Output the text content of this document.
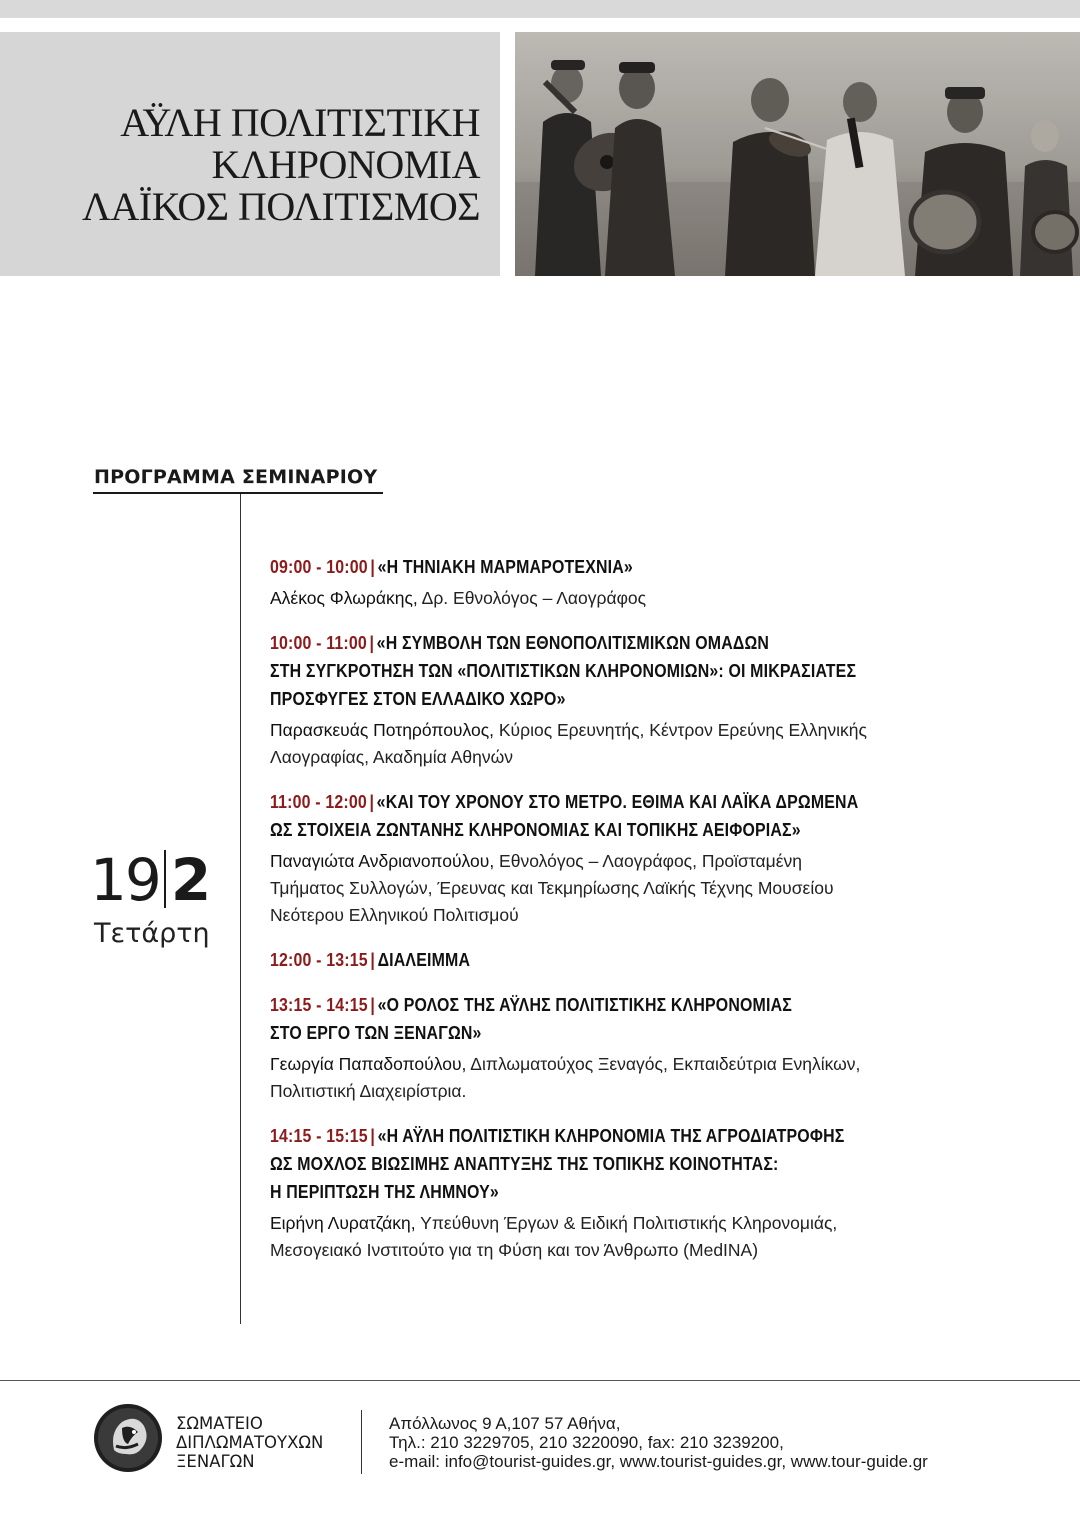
ΑΫΛΗ ΠΟΛΙΤΙΣΤΙΚΗ
ΚΛΗΡΟΝΟΜΙΑ
ΛΑΪΚΟΣ ΠΟΛΙΤΙΣΜΟΣ
ΠΡΟΓΡΑΜΜΑ ΣΕΜΙΝΑΡΙΟΥ
19 2
Τετάρτη
09:00 - 10:00 | «Η ΤΗΝΙΑΚΗ ΜΑΡΜΑΡΟΤΕΧΝΙΑ»
Αλέκος Φλωράκης, Δρ. Εθνολόγος – Λαογράφος
10:00 - 11:00 | «Η ΣΥΜΒΟΛΗ ΤΩΝ ΕΘΝΟΠΟΛΙΤΙΣΜΙΚΩΝ ΟΜΑΔΩΝ
ΣΤΗ ΣΥΓΚΡΟΤΗΣΗ ΤΩΝ «ΠΟΛΙΤΙΣΤΙΚΩΝ ΚΛΗΡΟΝΟΜΙΩΝ»: ΟΙ ΜΙΚΡΑΣΙΑΤΕΣ
ΠΡΟΣΦΥΓΕΣ ΣΤΟΝ ΕΛΛΑΔΙΚΟ ΧΩΡΟ»
Παρασκευάς Ποτηρόπουλος, Κύριος Ερευνητής, Κέντρον Ερεύνης Ελληνικής
Λαογραφίας, Ακαδημία Αθηνών
11:00 - 12:00 | «ΚΑΙ ΤΟΥ ΧΡΟΝΟΥ ΣΤΟ ΜΕΤΡΟ. ΕΘΙΜΑ ΚΑΙ ΛΑΪΚΑ ΔΡΩΜΕΝΑ
ΩΣ ΣΤΟΙΧΕΙΑ ΖΩΝΤΑΝΗΣ ΚΛΗΡΟΝΟΜΙΑΣ ΚΑΙ ΤΟΠΙΚΗΣ ΑΕΙΦΟΡΙΑΣ»
Παναγιώτα Ανδριανοπούλου, Εθνολόγος – Λαογράφος, Προϊσταμένη
Τμήματος Συλλογών, Έρευνας και Τεκμηρίωσης Λαϊκής Τέχνης Μουσείου
Νεότερου Ελληνικού Πολιτισμού
12:00 - 13:15 | ΔΙΑΛΕΙΜΜΑ
13:15 - 14:15 | «Ο ΡΟΛΟΣ ΤΗΣ ΑΫΛΗΣ ΠΟΛΙΤΙΣΤΙΚΗΣ ΚΛΗΡΟΝΟΜΙΑΣ
ΣΤΟ ΕΡΓΟ ΤΩΝ ΞΕΝΑΓΩΝ»
Γεωργία Παπαδοπούλου, Διπλωματούχος Ξεναγός, Εκπαιδεύτρια Ενηλίκων,
Πολιτιστική Διαχειρίστρια.
14:15 - 15:15 | «Η ΑΫΛΗ ΠΟΛΙΤΙΣΤΙΚΗ ΚΛΗΡΟΝΟΜΙΑ ΤΗΣ ΑΓΡΟΔΙΑΤΡΟΦΗΣ
ΩΣ ΜΟΧΛΟΣ ΒΙΩΣΙΜΗΣ ΑΝΑΠΤΥΞΗΣ ΤΗΣ ΤΟΠΙΚΗΣ ΚΟΙΝΟΤΗΤΑΣ:
Η ΠΕΡΙΠΤΩΣΗ ΤΗΣ ΛΗΜΝΟΥ»
Ειρήνη Λυρατζάκη, Υπεύθυνη Έργων & Ειδική Πολιτιστικής Κληρονομιάς,
Μεσογειακό Ινστιτούτο για τη Φύση και τον Άνθρωπο (MedINA)
ΣΩΜΑΤΕΙΟ
ΔΙΠΛΩΜΑΤΟΥΧΩΝ
ΞΕΝΑΓΩΝ
Απόλλωνος 9 Α,107 57 Αθήνα,
Τηλ.: 210 3229705, 210 3220090, fax: 210 3239200,
e-mail: info@tourist-guides.gr, www.tourist-guides.gr, www.tour-guide.gr
